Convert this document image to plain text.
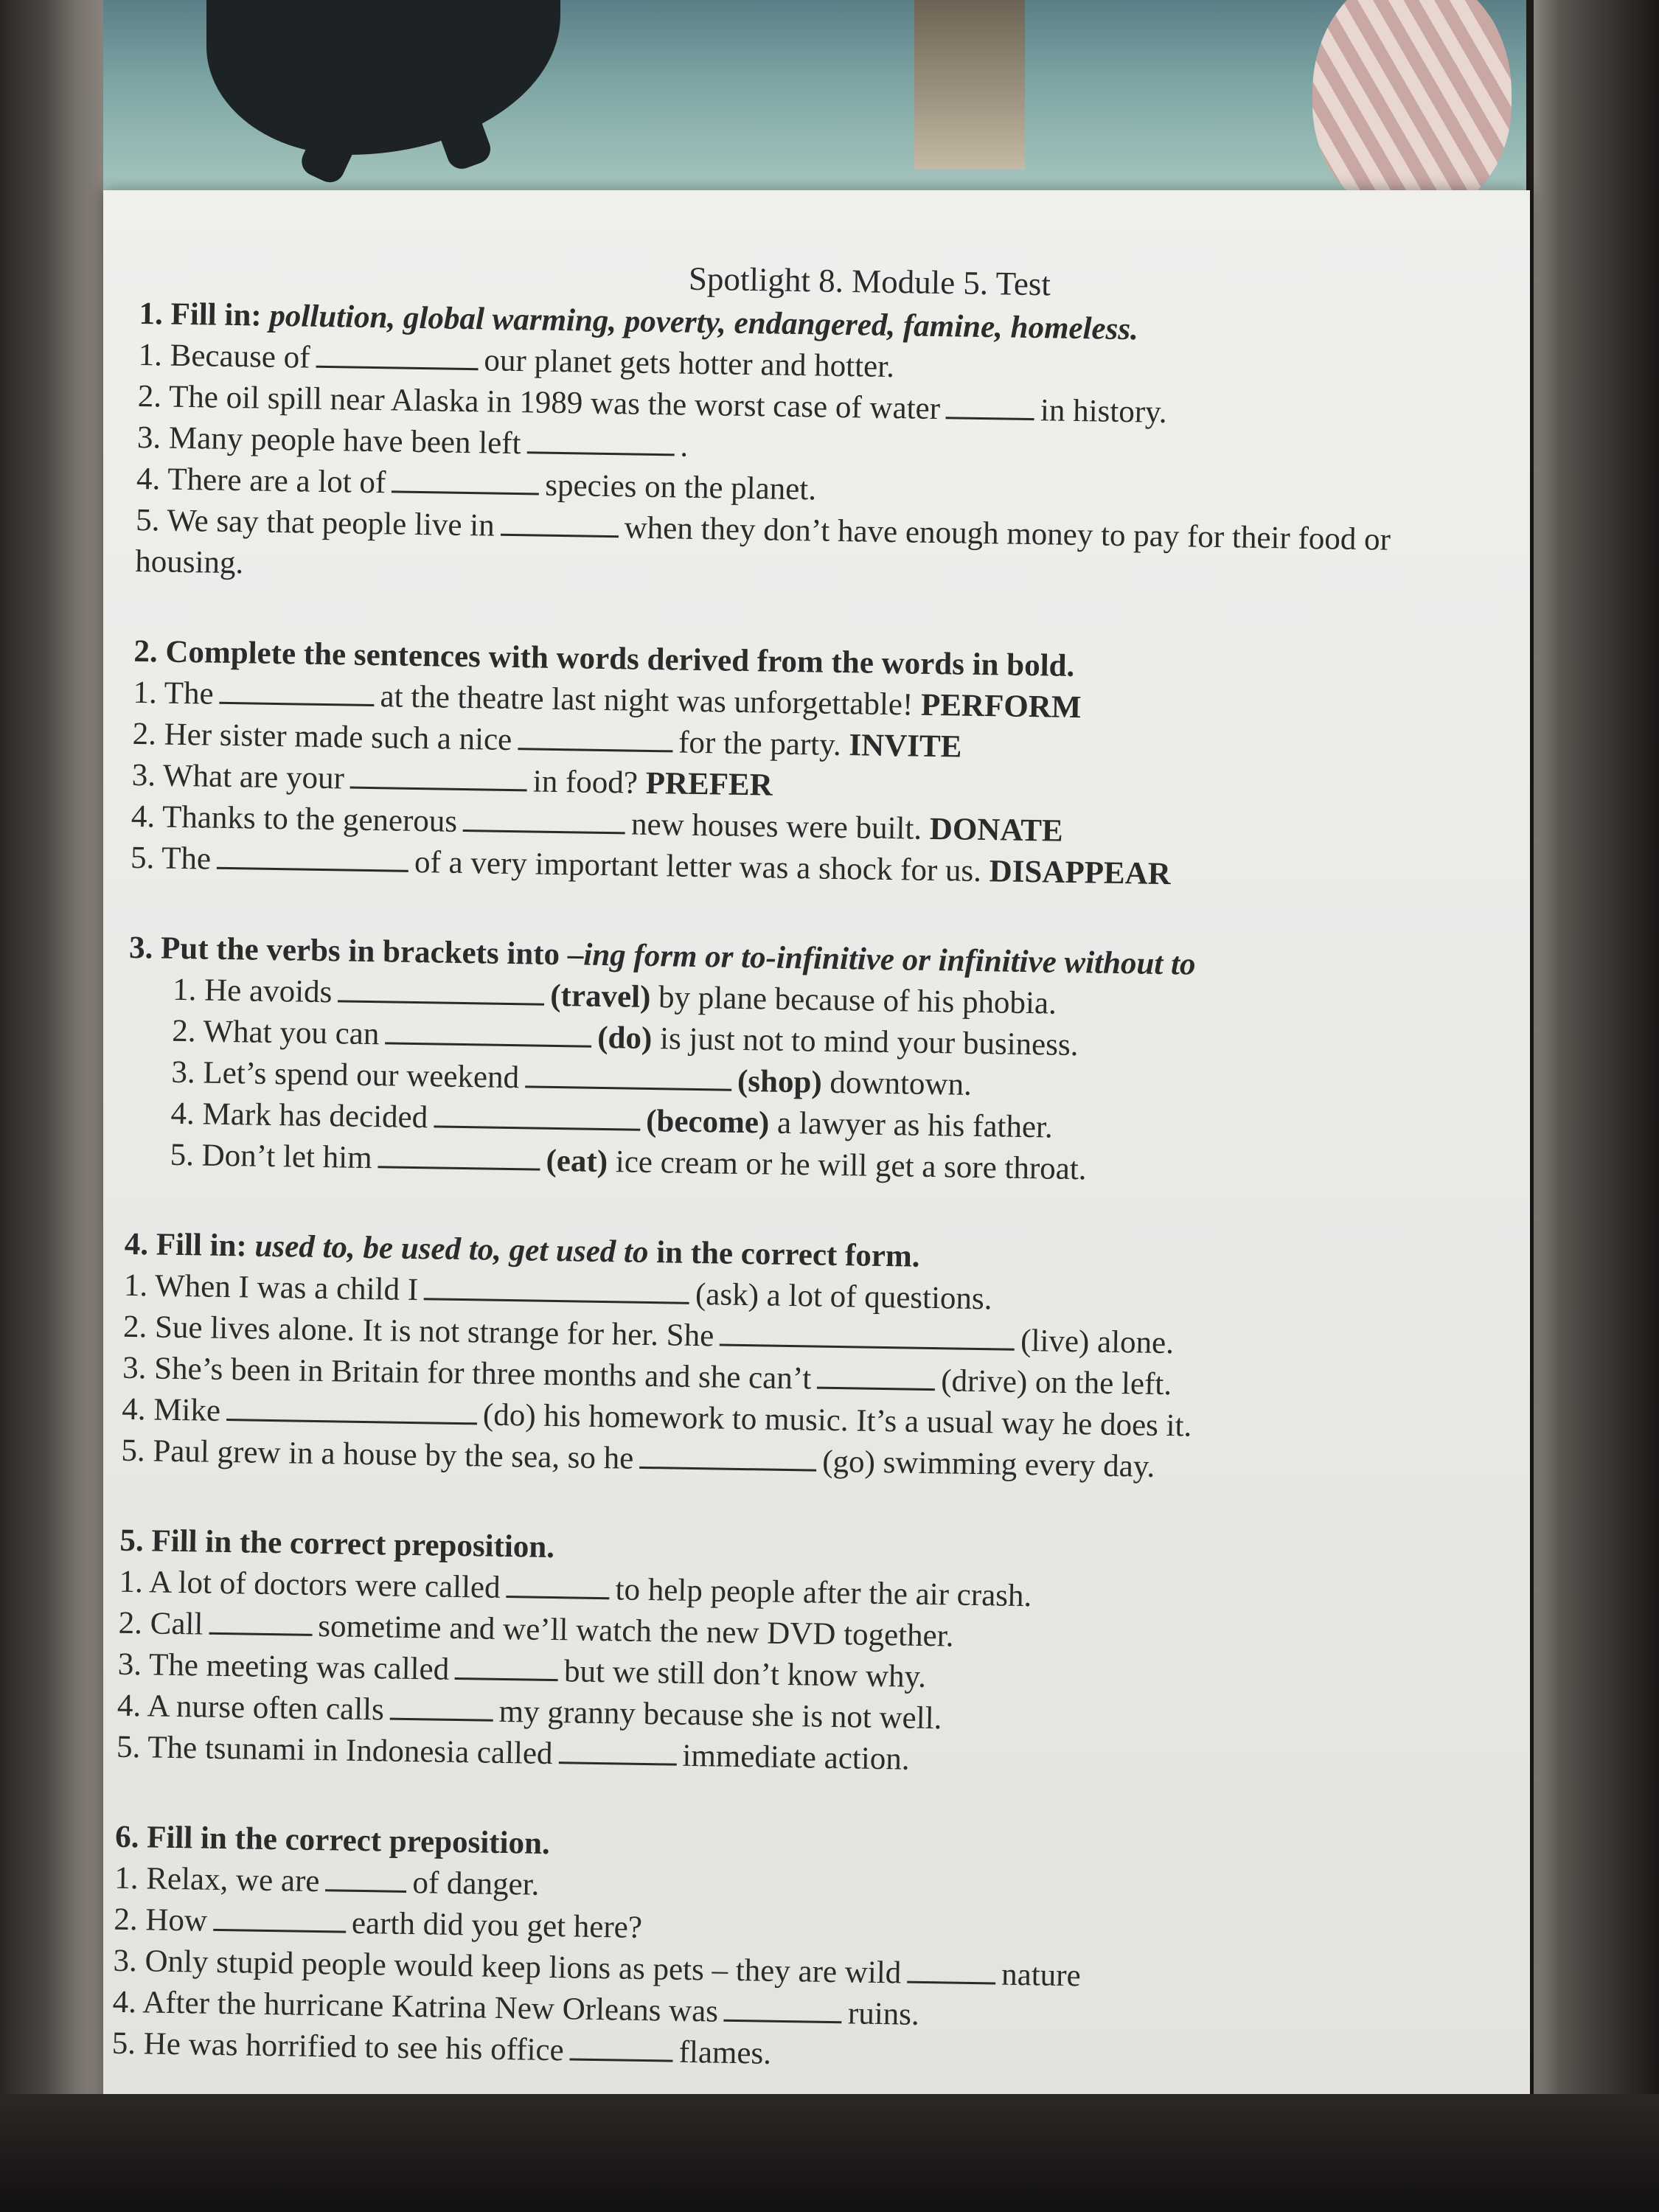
Spotlight 8. Module 5. Test

1. Fill in: pollution, global warming, poverty, endangered, famine, homeless.

1. Because of	our planet gets hotter and hotter.

2. The oil spill near Alaska in 1989 was the worst case of water	in history.

3. Many people have been left	.

4. There are a lot of	species on the planet.

5. We say that people live in	when they don’t have enough money to pay for their food or housing.

2. Complete the sentences with words derived from the words in bold.

1. The	at the theatre last night was unforgettable! PERFORM

2. Her sister made such a nice	for the party. INVITE

3. What are your	in food? PREFER

4. Thanks to the generous	new houses were built. DONATE

5. The	of a very important letter was a shock for us. DISAPPEAR

3. Put the verbs in brackets into –ing form or to-infinitive or infinitive without to

1. He avoids	(travel) by plane because of his phobia.

2. What you can	(do) is just not to mind your business.

3. Let’s spend our weekend	(shop) downtown.

4. Mark has decided	(become) a lawyer as his father.

5. Don’t let him	(eat) ice cream or he will get a sore throat.

4. Fill in: used to, be used to, get used to in the correct form.

1. When I was a child I	(ask) a lot of questions.

2. Sue lives alone. It is not strange for her. She	(live) alone.

3. She’s been in Britain for three months and she can’t	(drive) on the left.

4. Mike	(do) his homework to music. It’s a usual way he does it.

5. Paul grew in a house by the sea, so he	(go) swimming every day.

5. Fill in the correct preposition.

1. A lot of doctors were called	to help people after the air crash.

2. Call	sometime and we’ll watch the new DVD together.

3. The meeting was called	but we still don’t know why.

4. A nurse often calls	my granny because she is not well.

5. The tsunami in Indonesia called	immediate action.

6. Fill in the correct preposition.

1. Relax, we are	of danger.

2. How	earth did you get here?

3. Only stupid people would keep lions as pets – they are wild	nature

4. After the hurricane Katrina New Orleans was	ruins.

5. He was horrified to see his office	flames.
